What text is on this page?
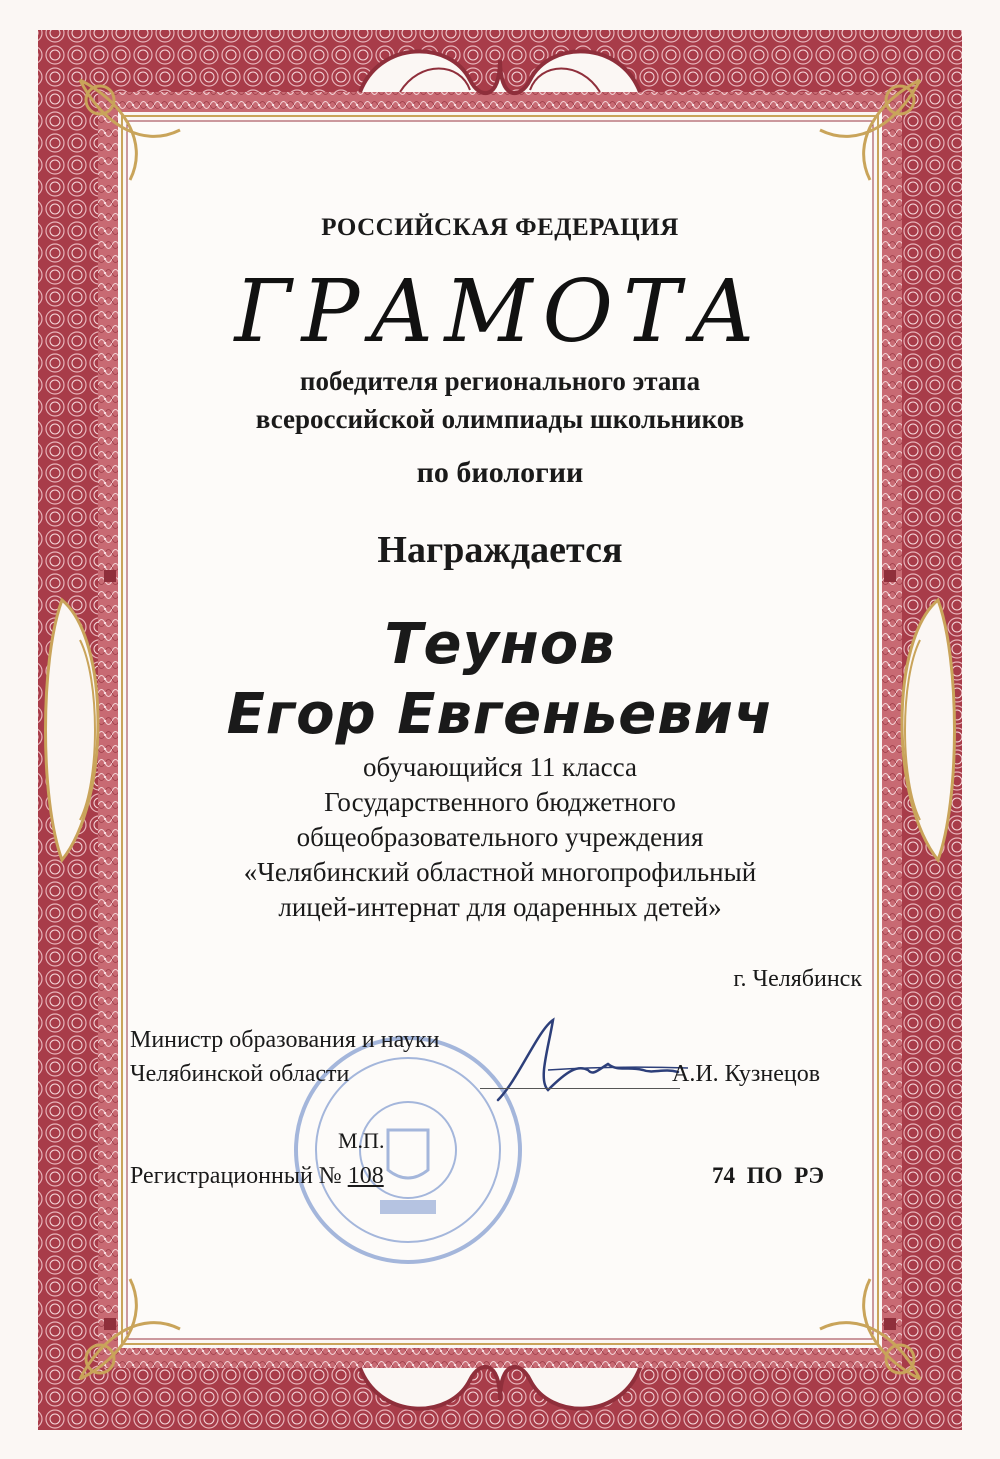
РОССИЙСКАЯ ФЕДЕРАЦИЯ
ГРАМОТА
победителя регионального этапа
всероссийской олимпиады школьников
по биологии
Награждается
Теунов
Егор Евгеньевич
обучающийся 11 класса
Государственного бюджетного
общеобразовательного учреждения
«Челябинский областной многопрофильный
лицей-интернат для одаренных детей»
г. Челябинск
Министр образования и науки
Челябинской области	А.И. Кузнецов
М.П.
Регистрационный № 108	74 ПО РЭ
